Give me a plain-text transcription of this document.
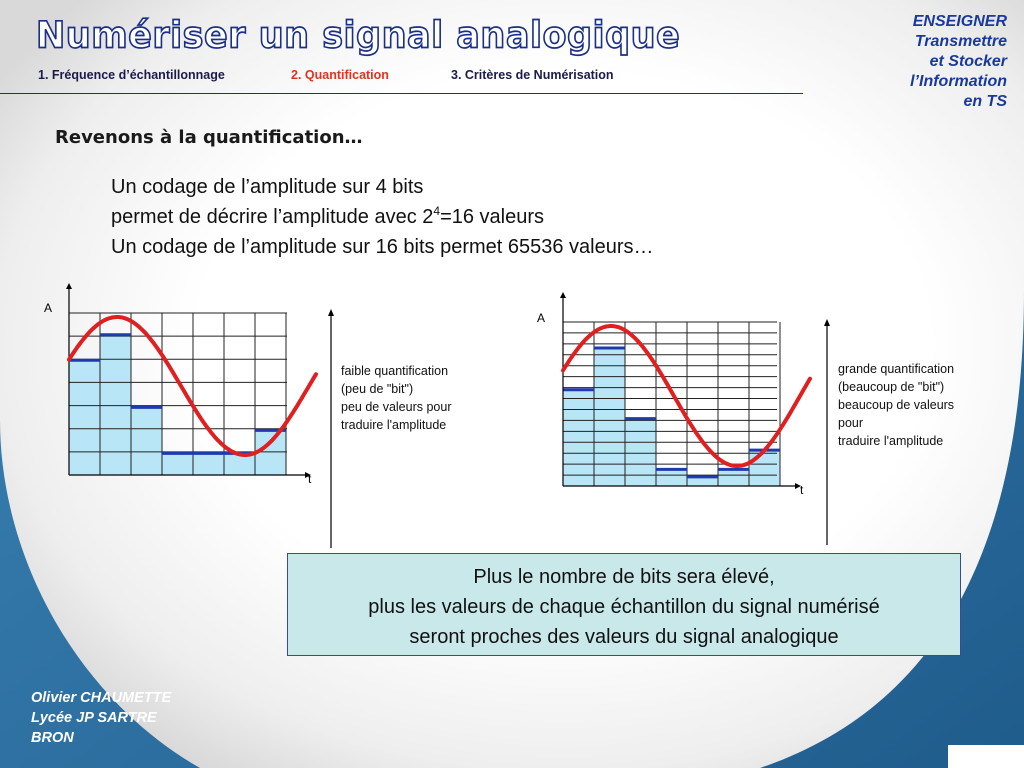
Numériser un signal analogique
1. Fréquence d’échantillonnage	2. Quantification	3. Critères de Numérisation
ENSEIGNER
Transmettre
et Stocker
l’Information
en TS
Revenons à la quantification…
Un codage de l’amplitude sur 4 bits
permet de décrire l’amplitude avec $2^4=16$ valeurs
Un codage de l’amplitude sur 16 bits permet 65536 valeurs…
t
A
t
A
faible quantification
(peu de "bit")
peu de valeurs pour
traduire l'amplitude
grande quantification
(beaucoup de "bit")
beaucoup de valeurs
pour
traduire l'amplitude
Plus le nombre de bits sera élevé,
plus les valeurs de chaque échantillon du signal numérisé
seront proches des valeurs du signal analogique
Olivier CHAUMETTE
Lycée JP SARTRE
BRON
